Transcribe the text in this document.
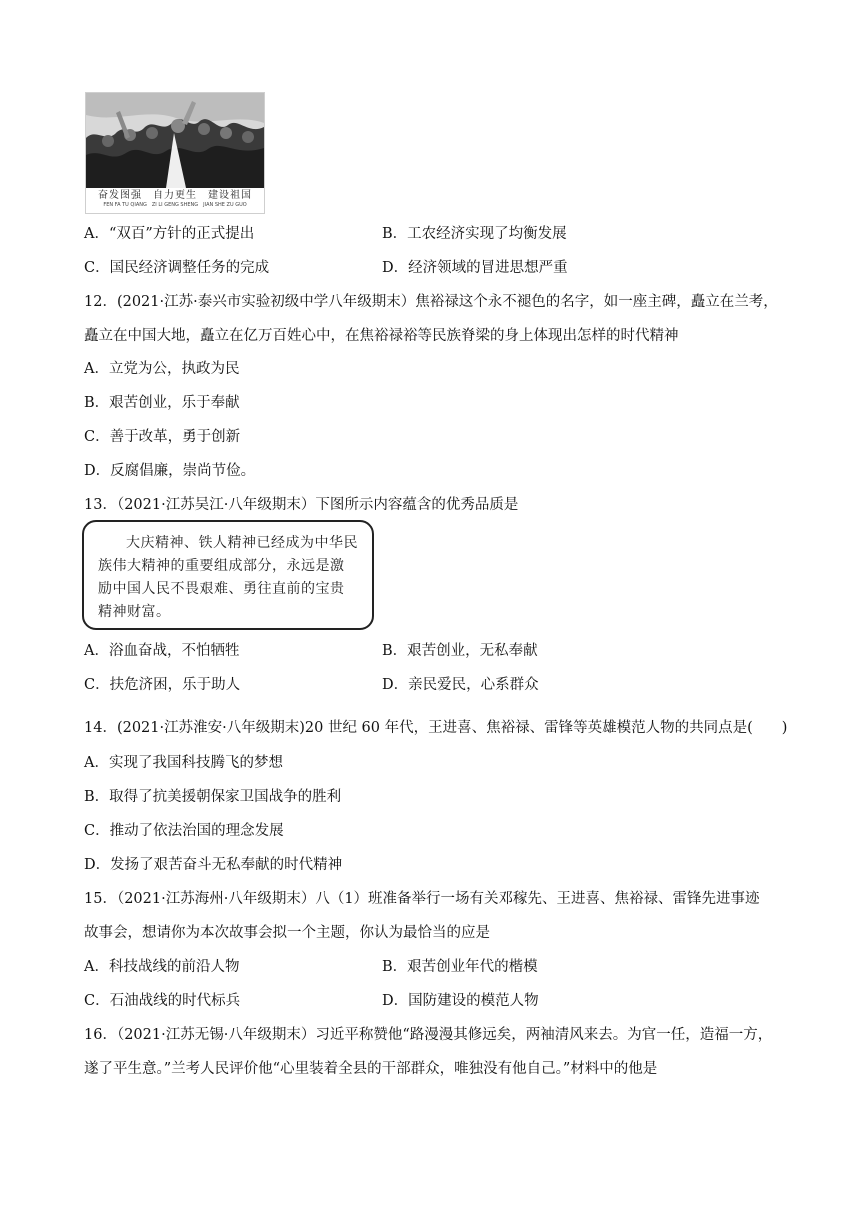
奋发图强　自力更生　建设祖国
FEN FA TU QIANG　ZI LI GENG SHENG　JIAN SHE ZU GUO
A．“双百”方针的正式提出	B．工农经济实现了均衡发展
C．国民经济调整任务的完成	D．经济领域的冒进思想严重
12．(2021·江苏·泰兴市实验初级中学八年级期末）焦裕禄这个永不褪色的名字，如一座主碑，矗立在兰考，
矗立在中国大地，矗立在亿万百姓心中，在焦裕禄裕等民族脊梁的身上体现出怎样的时代精神
A．立党为公，执政为民
B．艰苦创业，乐于奉献
C．善于改革，勇于创新
D．反腐倡廉，崇尚节俭。
13．（2021·江苏吴江·八年级期末）下图所示内容蕴含的优秀品质是
大庆精神、铁人精神已经成为中华民族伟大精神的重要组成部分，永远是激励中国人民不畏艰难、勇往直前的宝贵精神财富。
A．浴血奋战，不怕牺牲	B．艰苦创业，无私奉献
C．扶危济困，乐于助人	D．亲民爱民，心系群众
14．(2021·江苏淮安·八年级期末)20 世纪 60 年代，王进喜、焦裕禄、雷锋等英雄模范人物的共同点是(　　)
A．实现了我国科技腾飞的梦想
B．取得了抗美援朝保家卫国战争的胜利
C．推动了依法治国的理念发展
D．发扬了艰苦奋斗无私奉献的时代精神
15．（2021·江苏海州·八年级期末）八（1）班准备举行一场有关邓稼先、王进喜、焦裕禄、雷锋先进事迹
故事会，想请你为本次故事会拟一个主题，你认为最恰当的应是
A．科技战线的前沿人物	B．艰苦创业年代的楷模
C．石油战线的时代标兵	D．国防建设的模范人物
16．（2021·江苏无锡·八年级期末）习近平称赞他“路漫漫其修远矣，两袖清风来去。为官一任，造福一方，
遂了平生意。”兰考人民评价他“心里装着全县的干部群众，唯独没有他自己。”材料中的他是
